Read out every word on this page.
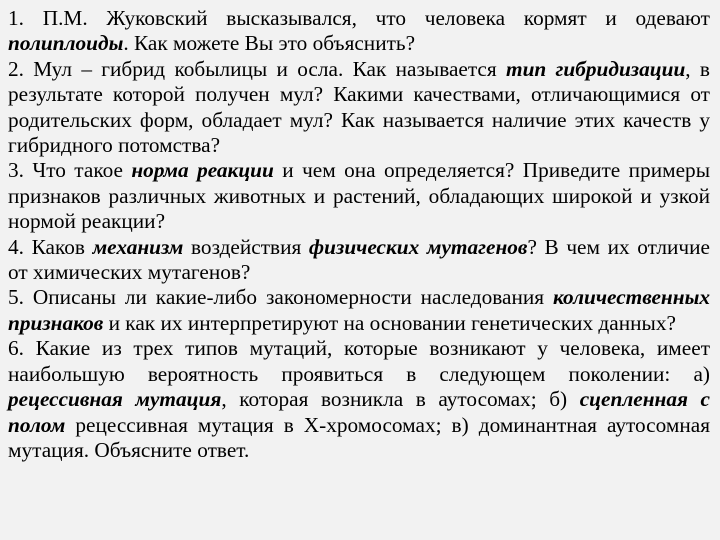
1. П.М. Жуковский высказывался, что человека кормят и одевают полиплоиды. Как можете Вы это объяснить?

2. Мул – гибрид кобылицы и осла. Как называется тип гибридизации, в результате которой получен мул? Какими качествами, отличающимися от родительских форм, обладает мул? Как называется наличие этих качеств у гибридного потомства?

3. Что такое норма реакции и чем она определяется? Приведите примеры признаков различных животных и растений, обладающих широкой и узкой нормой реакции?

4. Каков механизм воздействия физических мутагенов? В чем их отличие от химических мутагенов?

5. Описаны ли какие-либо закономерности наследования количественных признаков и как их интерпретируют на основании генетических данных?

6. Какие из трех типов мутаций, которые возникают у человека, имеет наибольшую вероятность проявиться в следующем поколении: а) рецессивная мутация, которая возникла в аутосомах; б) сцепленная с полом рецессивная мутация в Х-хромосомах; в) доминантная аутосомная мутация. Объясните ответ.
